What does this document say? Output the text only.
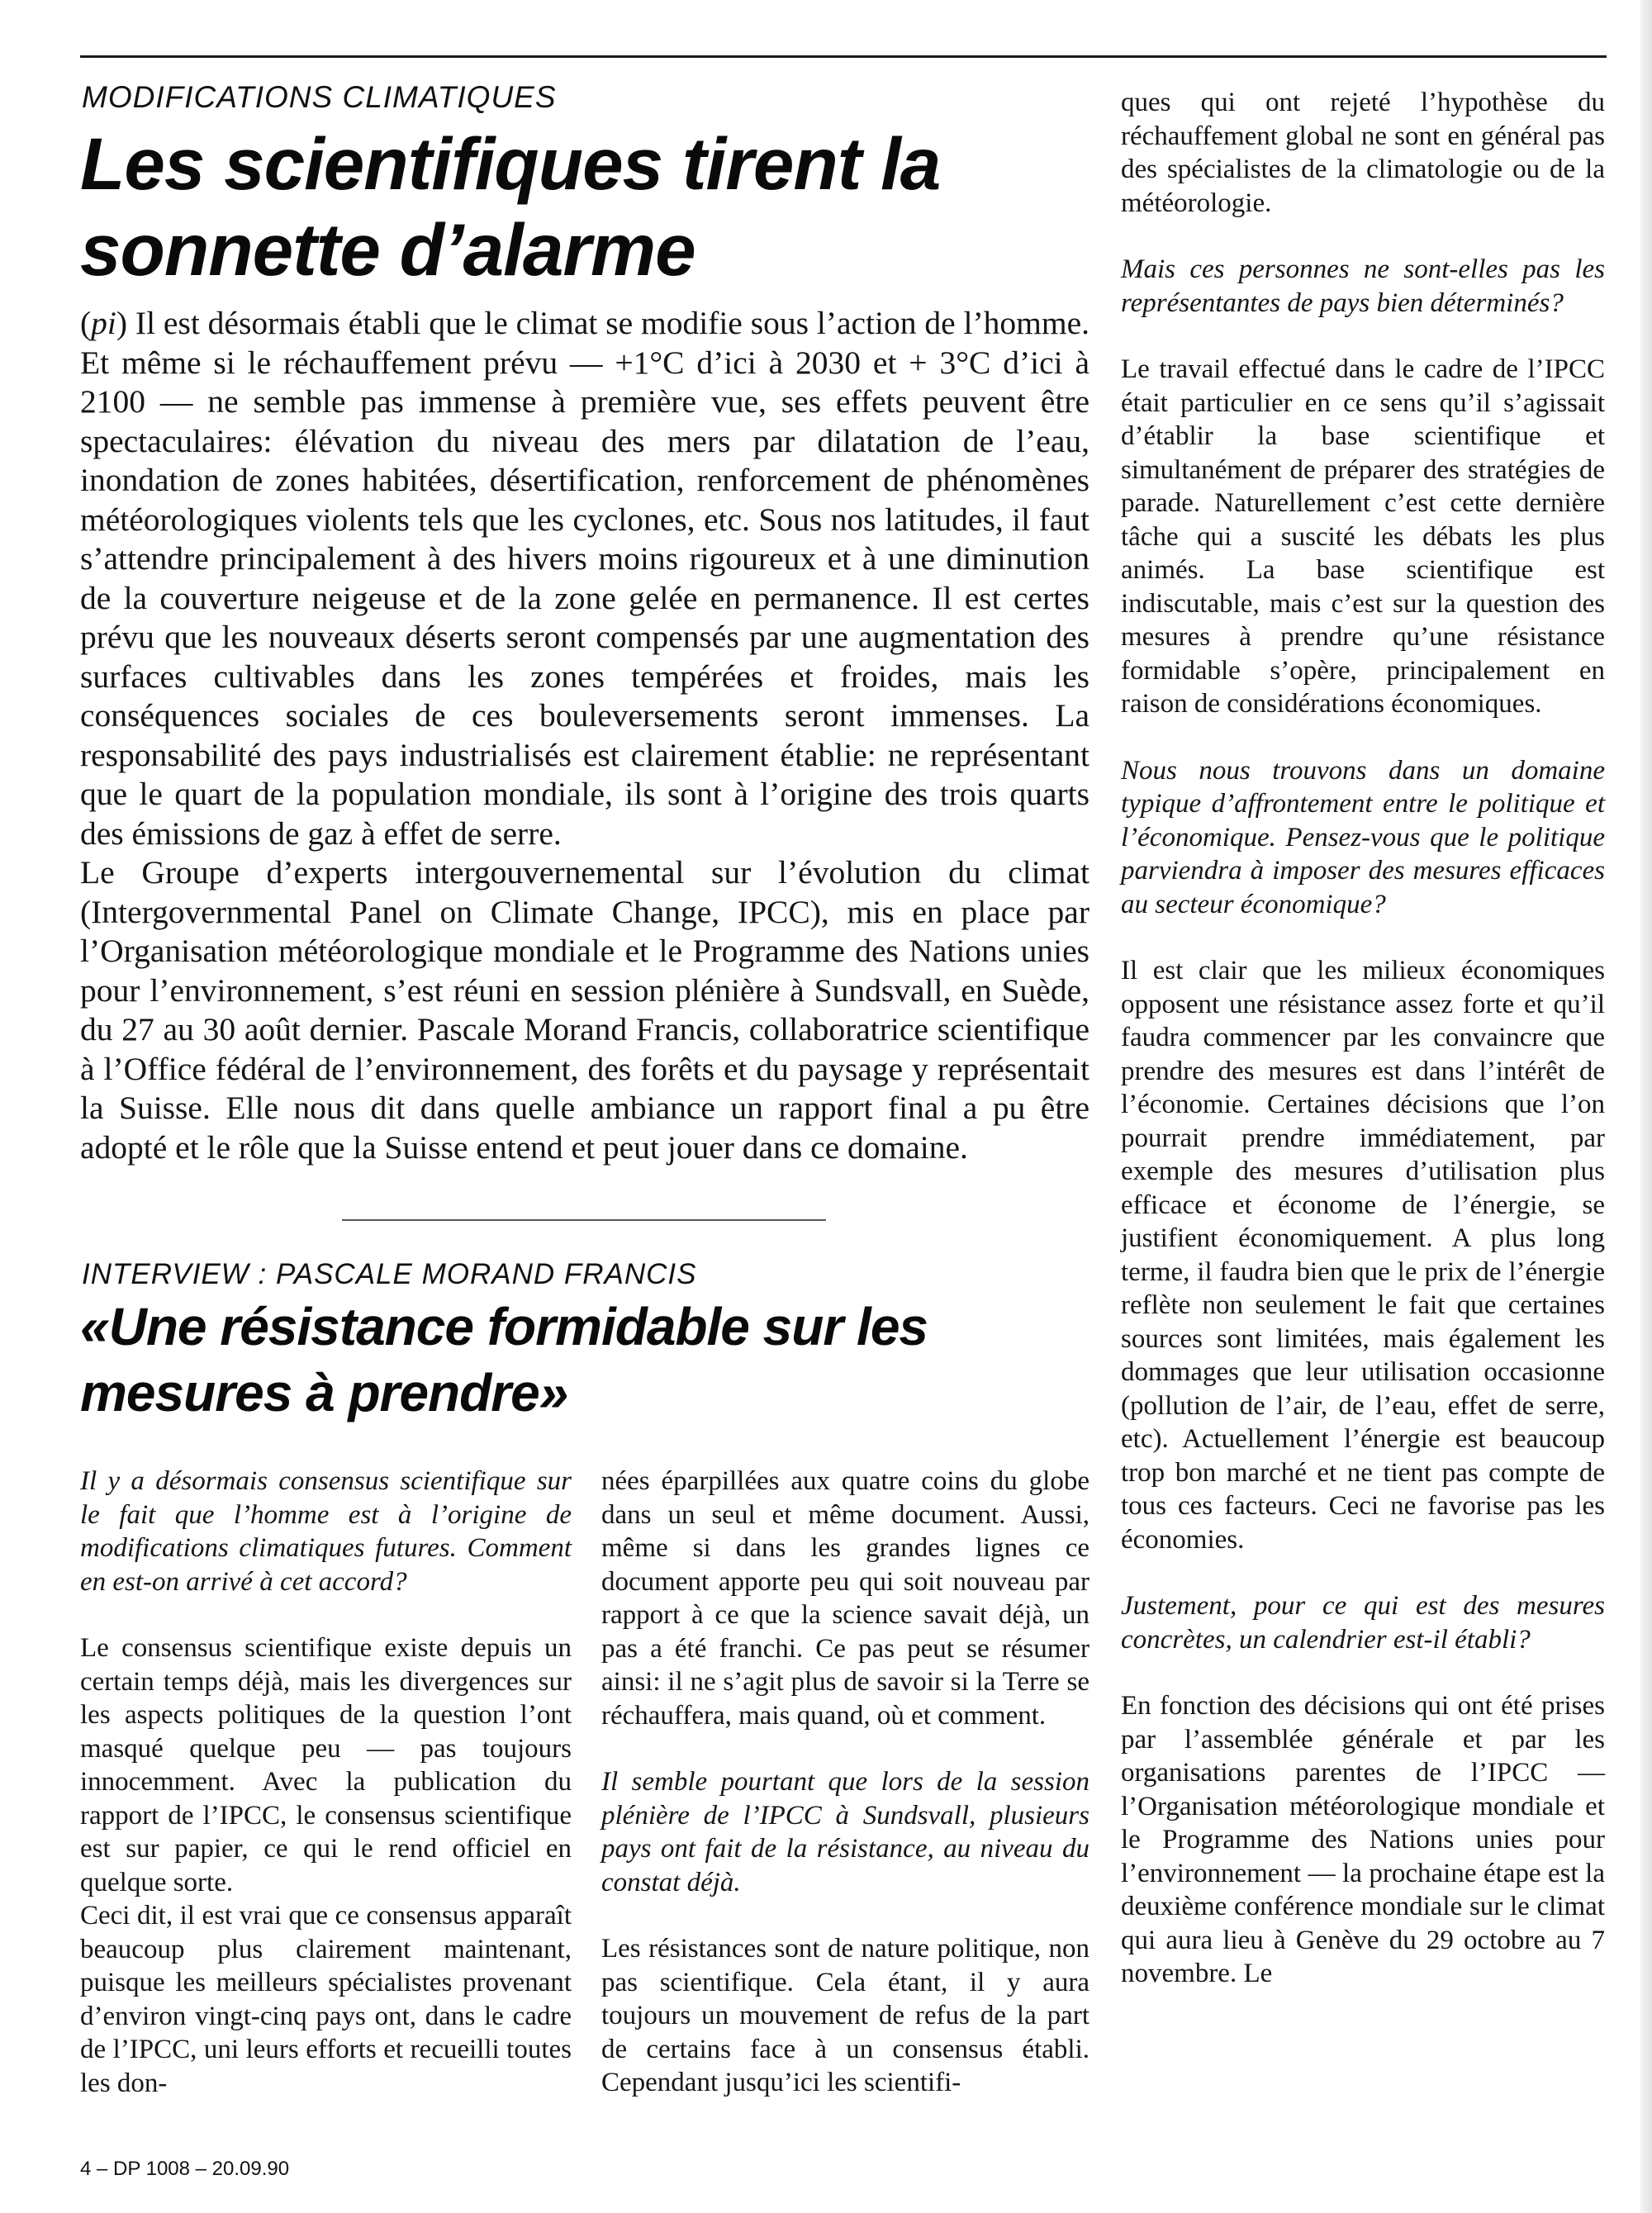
MODIFICATIONS CLIMATIQUES
Les scientifiques tirent la
sonnette d’alarme

(pi) Il est désormais établi que le climat se modifie sous l’action de l’homme. Et même si le réchauffement prévu — +1°C d’ici à 2030 et + 3°C d’ici à 2100 — ne semble pas immense à première vue, ses effets peuvent être spectaculaires: élévation du niveau des mers par dilatation de l’eau, inondation de zones habitées, désertification, renforcement de phénomènes météorologiques violents tels que les cyclones, etc. Sous nos latitudes, il faut s’attendre principalement à des hivers moins rigoureux et à une diminution de la couverture neigeuse et de la zone gelée en permanence. Il est certes prévu que les nouveaux déserts seront compensés par une augmentation des surfaces cultivables dans les zones tempérées et froides, mais les conséquences sociales de ces bouleversements seront immenses. La responsabilité des pays industrialisés est clairement établie: ne représentant que le quart de la population mondiale, ils sont à l’origine des trois quarts des émissions de gaz à effet de serre.

Le Groupe d’experts intergouvernemental sur l’évolution du climat (Intergovernmental Panel on Climate Change, IPCC), mis en place par l’Organisation météorologique mondiale et le Programme des Nations unies pour l’environnement, s’est réuni en session plénière à Sundsvall, en Suède, du 27 au 30 août dernier. Pascale Morand Francis, collaboratrice scientifique à l’Office fédéral de l’environnement, des forêts et du paysage y représentait la Suisse. Elle nous dit dans quelle ambiance un rapport final a pu être adopté et le rôle que la Suisse entend et peut jouer dans ce domaine.

INTERVIEW : PASCALE MORAND FRANCIS
«Une résistance formidable sur les
mesures à prendre»

Il y a désormais consensus scientifique sur le fait que l’homme est à l’origine de modifications climatiques futures. Comment en est-on arrivé à cet accord?

Le consensus scientifique existe depuis un certain temps déjà, mais les divergences sur les aspects politiques de la question l’ont masqué quelque peu — pas toujours innocemment. Avec la publication du rapport de l’IPCC, le consensus scientifique est sur papier, ce qui le rend officiel en quelque sorte.

Ceci dit, il est vrai que ce consensus apparaît beaucoup plus clairement maintenant, puisque les meilleurs spécialistes provenant d’environ vingt-cinq pays ont, dans le cadre de l’IPCC, uni leurs efforts et recueilli toutes les don-

nées éparpillées aux quatre coins du globe dans un seul et même document. Aussi, même si dans les grandes lignes ce document apporte peu qui soit nouveau par rapport à ce que la science savait déjà, un pas a été franchi. Ce pas peut se résumer ainsi: il ne s’agit plus de savoir si la Terre se réchauffera, mais quand, où et comment.

Il semble pourtant que lors de la session plénière de l’IPCC à Sundsvall, plusieurs pays ont fait de la résistance, au niveau du constat déjà.

Les résistances sont de nature politique, non pas scientifique. Cela étant, il y aura toujours un mouvement de refus de la part de certains face à un consensus établi. Cependant jusqu’ici les scientifi-

ques qui ont rejeté l’hypothèse du réchauffement global ne sont en général pas des spécialistes de la climatologie ou de la météorologie.

Mais ces personnes ne sont-elles pas les représentantes de pays bien déterminés?

Le travail effectué dans le cadre de l’IPCC était particulier en ce sens qu’il s’agissait d’établir la base scientifique et simultanément de préparer des stratégies de parade. Naturellement c’est cette dernière tâche qui a suscité les débats les plus animés. La base scientifique est indiscutable, mais c’est sur la question des mesures à prendre qu’une résistance formidable s’opère, principalement en raison de considérations économiques.

Nous nous trouvons dans un domaine typique d’affrontement entre le politique et l’économique. Pensez-vous que le politique parviendra à imposer des mesures efficaces au secteur économique?

Il est clair que les milieux économiques opposent une résistance assez forte et qu’il faudra commencer par les convaincre que prendre des mesures est dans l’intérêt de l’économie. Certaines décisions que l’on pourrait prendre immédiatement, par exemple des mesures d’utilisation plus efficace et économe de l’énergie, se justifient économiquement. A plus long terme, il faudra bien que le prix de l’énergie reflète non seulement le fait que certaines sources sont limitées, mais également les dommages que leur utilisation occasionne (pollution de l’air, de l’eau, effet de serre, etc). Actuellement l’énergie est beaucoup trop bon marché et ne tient pas compte de tous ces facteurs. Ceci ne favorise pas les économies.

Justement, pour ce qui est des mesures concrètes, un calendrier est-il établi?

En fonction des décisions qui ont été prises par l’assemblée générale et par les organisations parentes de l’IPCC — l’Organisation météorologique mondiale et le Programme des Nations unies pour l’environnement — la prochaine étape est la deuxième conférence mondiale sur le climat qui aura lieu à Genève du 29 octobre au 7 novembre. Le

4 – DP 1008 – 20.09.90
